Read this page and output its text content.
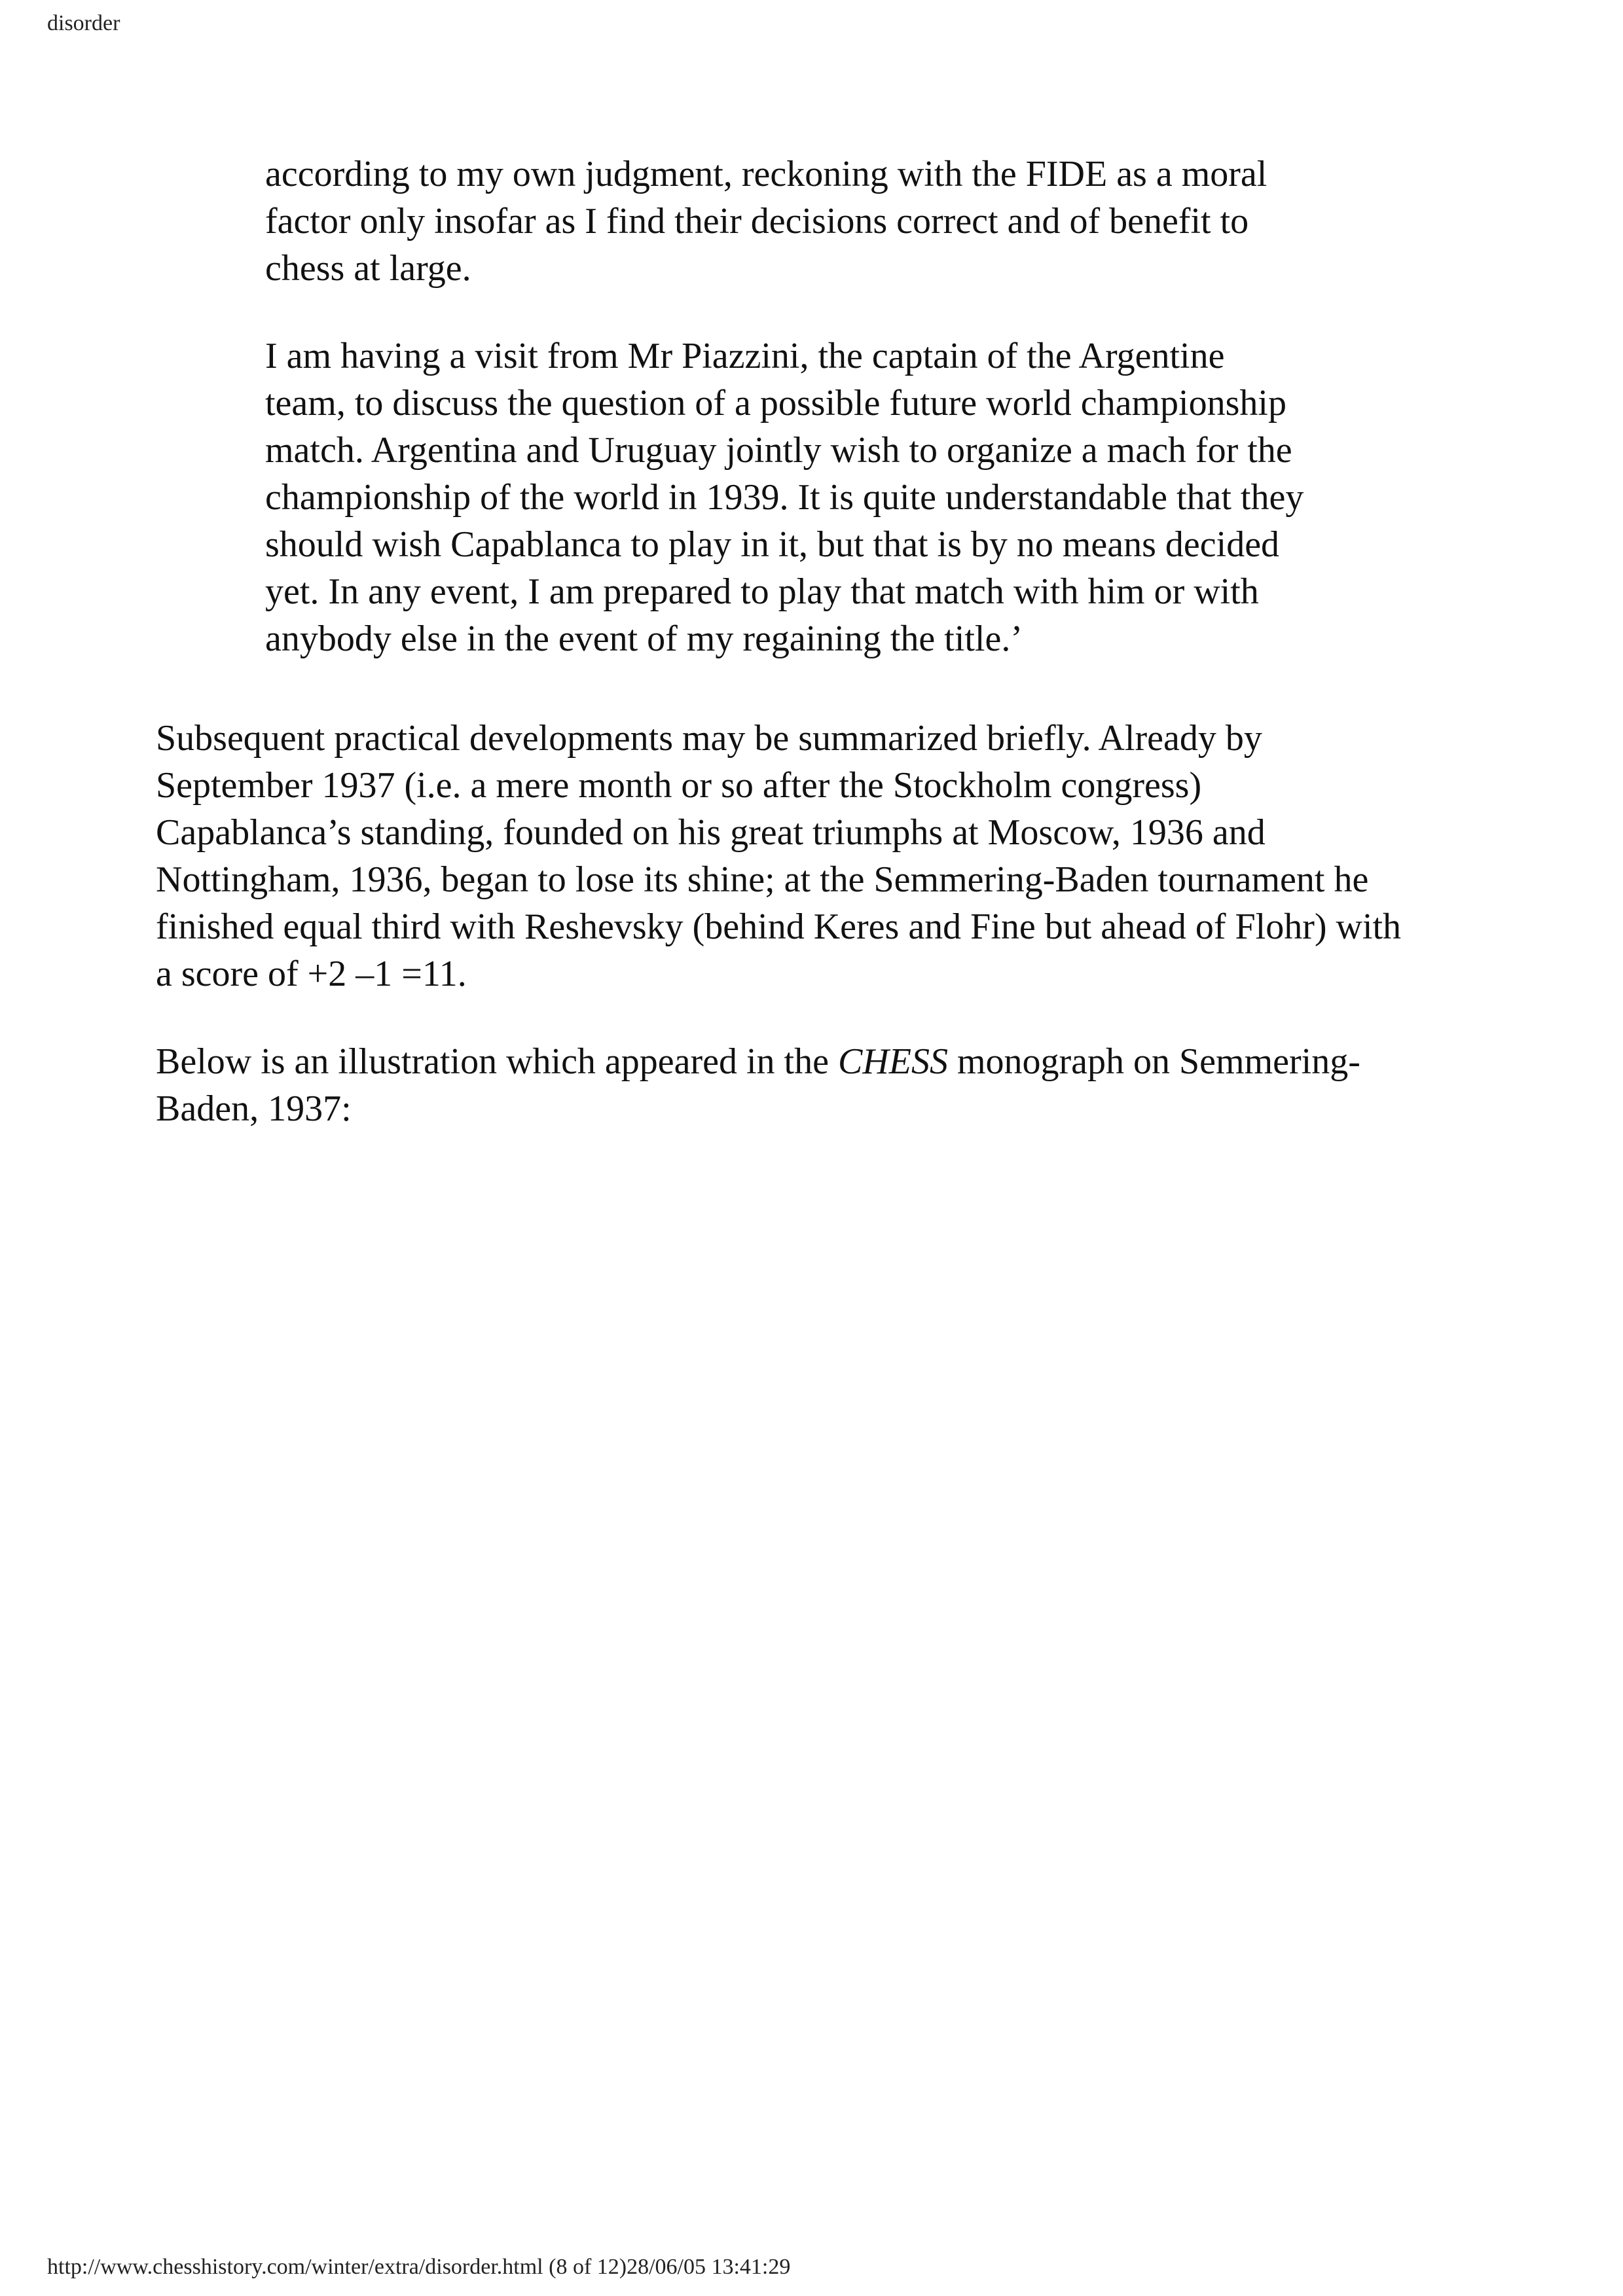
disorder

according to my own judgment, reckoning with the FIDE as a moral
factor only insofar as I find their decisions correct and of benefit to
chess at large.

I am having a visit from Mr Piazzini, the captain of the Argentine
team, to discuss the question of a possible future world championship
match. Argentina and Uruguay jointly wish to organize a mach for the
championship of the world in 1939. It is quite understandable that they
should wish Capablanca to play in it, but that is by no means decided
yet. In any event, I am prepared to play that match with him or with
anybody else in the event of my regaining the title.’

Subsequent practical developments may be summarized briefly. Already by
September 1937 (i.e. a mere month or so after the Stockholm congress)
Capablanca’s standing, founded on his great triumphs at Moscow, 1936 and
Nottingham, 1936, began to lose its shine; at the Semmering-Baden tournament he
finished equal third with Reshevsky (behind Keres and Fine but ahead of Flohr) with
a score of +2 –1 =11.

Below is an illustration which appeared in the CHESS monograph on Semmering-
Baden, 1937:

http://www.chesshistory.com/winter/extra/disorder.html (8 of 12)28/06/05 13:41:29
